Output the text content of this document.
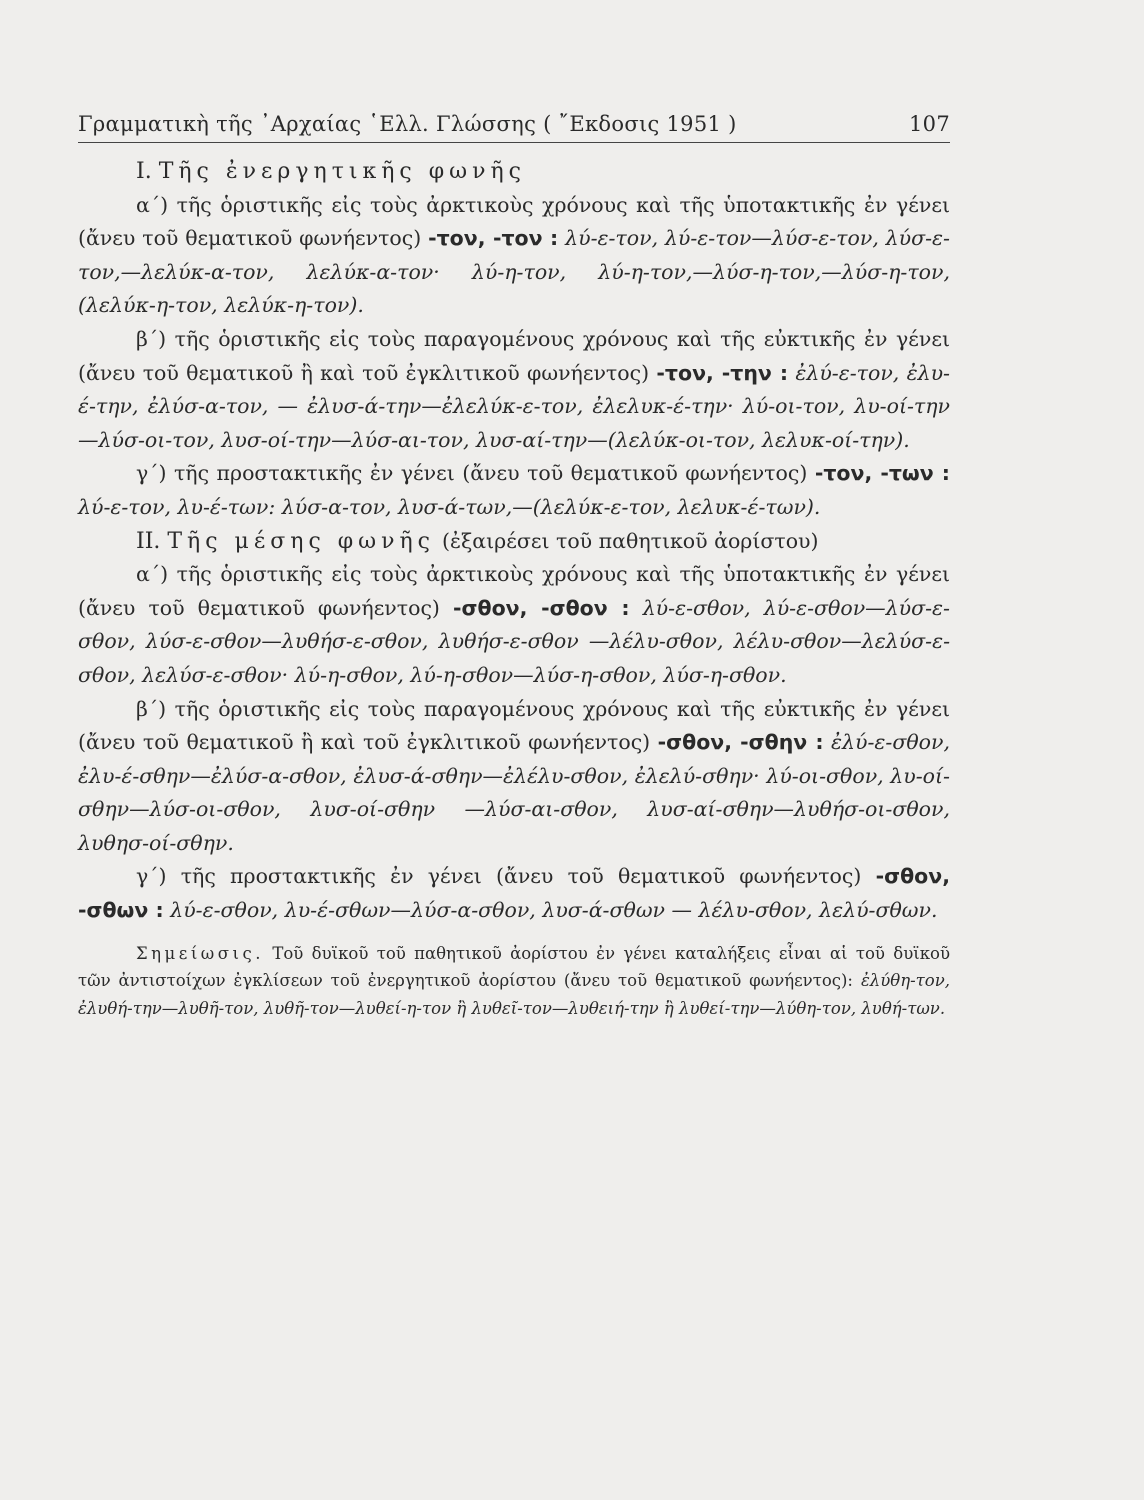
Γραμματικὴ τῆς ᾿Αρχαίας ῾Ελλ. Γλώσσης ( ῎Εκδοσις 1951 )	107

I. Τῆς ἐνεργητικῆς φωνῆς

α´) τῆς ὁριστικῆς εἰς τοὺς ἀρκτικοὺς χρόνους καὶ τῆς ὑποτακτικῆς ἐν γένει (ἄνευ τοῦ θεματικοῦ φωνήεντος) -τον, -τον : λύ-ε-τον, λύ-ε-τον—λύσ-ε-τον, λύσ-ε-τον,—λελύκ-α-τον, λελύκ-α-τον· λύ-η-τον, λύ-η-τον,—λύσ-η-τον,—λύσ-η-τον, (λελύκ-η-τον, λελύκ-η-τον).

β´) τῆς ὁριστικῆς εἰς τοὺς παραγομένους χρόνους καὶ τῆς εὐκτικῆς ἐν γένει (ἄνευ τοῦ θεματικοῦ ἢ καὶ τοῦ ἐγκλιτικοῦ φωνήεντος) -τον, -την : ἐλύ-ε-τον, ἐλυ-έ-την, ἐλύσ-α-τον, — ἐλυσ-ά-την—ἐλελύκ-ε-τον, ἐλελυκ-έ-την· λύ-οι-τον, λυ-οί-την—λύσ-οι-τον, λυσ-οί-την—λύσ-αι-τον, λυσ-αί-την—(λελύκ-οι-τον, λελυκ-οί-την).

γ´) τῆς προστακτικῆς ἐν γένει (ἄνευ τοῦ θεματικοῦ φωνήεντος) -τον, -των : λύ-ε-τον, λυ-έ-των: λύσ-α-τον, λυσ-ά-των,—(λελύκ-ε-τον, λελυκ-έ-των).

II. Τῆς μέσης φωνῆς (ἐξαιρέσει τοῦ παθητικοῦ ἀορίστου)

α´) τῆς ὁριστικῆς εἰς τοὺς ἀρκτικοὺς χρόνους καὶ τῆς ὑποτακτικῆς ἐν γένει (ἄνευ τοῦ θεματικοῦ φωνήεντος) -σθον, -σθον : λύ-ε-σθον, λύ-ε-σθον—λύσ-ε-σθον, λύσ-ε-σθον—λυθήσ-ε-σθον, λυθήσ-ε-σθον —λέλυ-σθον, λέλυ-σθον—λελύσ-ε-σθον, λελύσ-ε-σθον· λύ-η-σθον, λύ-η-σθον—λύσ-η-σθον, λύσ-η-σθον.

β´) τῆς ὁριστικῆς εἰς τοὺς παραγομένους χρόνους καὶ τῆς εὐκτικῆς ἐν γένει (ἄνευ τοῦ θεματικοῦ ἢ καὶ τοῦ ἐγκλιτικοῦ φωνήεντος) -σθον, -σθην : ἐλύ-ε-σθον, ἐλυ-έ-σθην—ἐλύσ-α-σθον, ἐλυσ-ά-σθην—ἐλέλυ-σθον, ἐλελύ-σθην· λύ-οι-σθον, λυ-οί-σθην—λύσ-οι-σθον, λυσ-οί-σθην —λύσ-αι-σθον, λυσ-αί-σθην—λυθήσ-οι-σθον, λυθησ-οί-σθην.

γ´) τῆς προστακτικῆς ἐν γένει (ἄνευ τοῦ θεματικοῦ φωνήεντος) -σθον, -σθων : λύ-ε-σθον, λυ-έ-σθων—λύσ-α-σθον, λυσ-ά-σθων — λέλυ-σθον, λελύ-σθων.

Σημείωσις. Τοῦ δυϊκοῦ τοῦ παθητικοῦ ἀορίστου ἐν γένει καταλήξεις εἶναι αἱ τοῦ δυϊκοῦ τῶν ἀντιστοίχων ἐγκλίσεων τοῦ ἐνεργητικοῦ ἀορίστου (ἄνευ τοῦ θεματικοῦ φωνήεντος): ἐλύθη-τον, ἐλυθή-την—λυθῆ-τον, λυθῆ-τον—λυθεί-η-τον ἢ λυθεῖ-τον—λυθειή-την ἢ λυθεί-την—λύθη-τον, λυθή-των.
